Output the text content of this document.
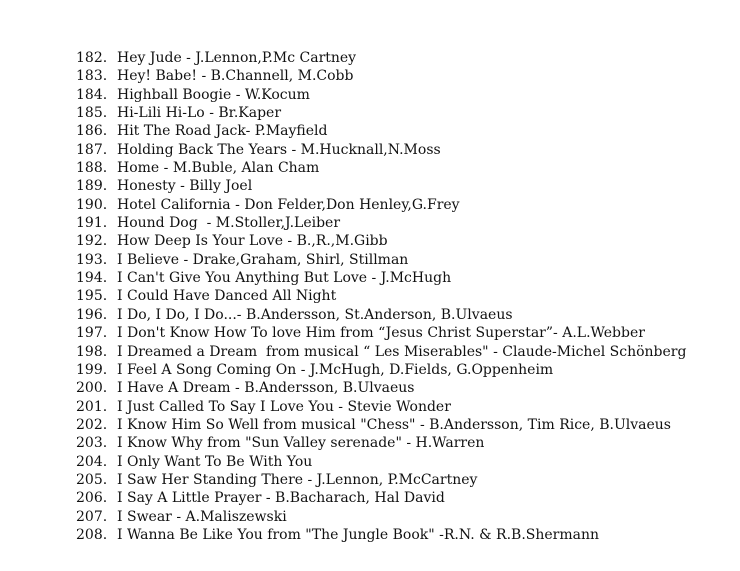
182. Hey Jude - J.Lennon,P.Mc Cartney
183. Hey! Babe! - B.Channell, M.Cobb
184. Highball Boogie - W.Kocum
185. Hi-Lili Hi-Lo - Br.Kaper
186. Hit The Road Jack- P.Mayfield
187. Holding Back The Years - M.Hucknall,N.Moss
188. Home - M.Buble, Alan Cham
189. Honesty - Billy Joel
190. Hotel California - Don Felder,Don Henley,G.Frey
191. Hound Dog  - M.Stoller,J.Leiber
192. How Deep Is Your Love - B.,R.,M.Gibb
193. I Believe - Drake,Graham, Shirl, Stillman
194. I Can't Give You Anything But Love - J.McHugh
195. I Could Have Danced All Night
196. I Do, I Do, I Do...- B.Andersson, St.Anderson, B.Ulvaeus
197. I Don't Know How To love Him from “Jesus Christ Superstar”- A.L.Webber
198. I Dreamed a Dream  from musical “ Les Miserables" - Claude-Michel Schönberg
199. I Feel A Song Coming On - J.McHugh, D.Fields, G.Oppenheim
200. I Have A Dream - B.Andersson, B.Ulvaeus
201. I Just Called To Say I Love You - Stevie Wonder
202. I Know Him So Well from musical "Chess" - B.Andersson, Tim Rice, B.Ulvaeus
203. I Know Why from "Sun Valley serenade" - H.Warren
204. I Only Want To Be With You
205. I Saw Her Standing There - J.Lennon, P.McCartney
206. I Say A Little Prayer - B.Bacharach, Hal David
207. I Swear - A.Maliszewski
208. I Wanna Be Like You from "The Jungle Book" -R.N. & R.B.Shermann
